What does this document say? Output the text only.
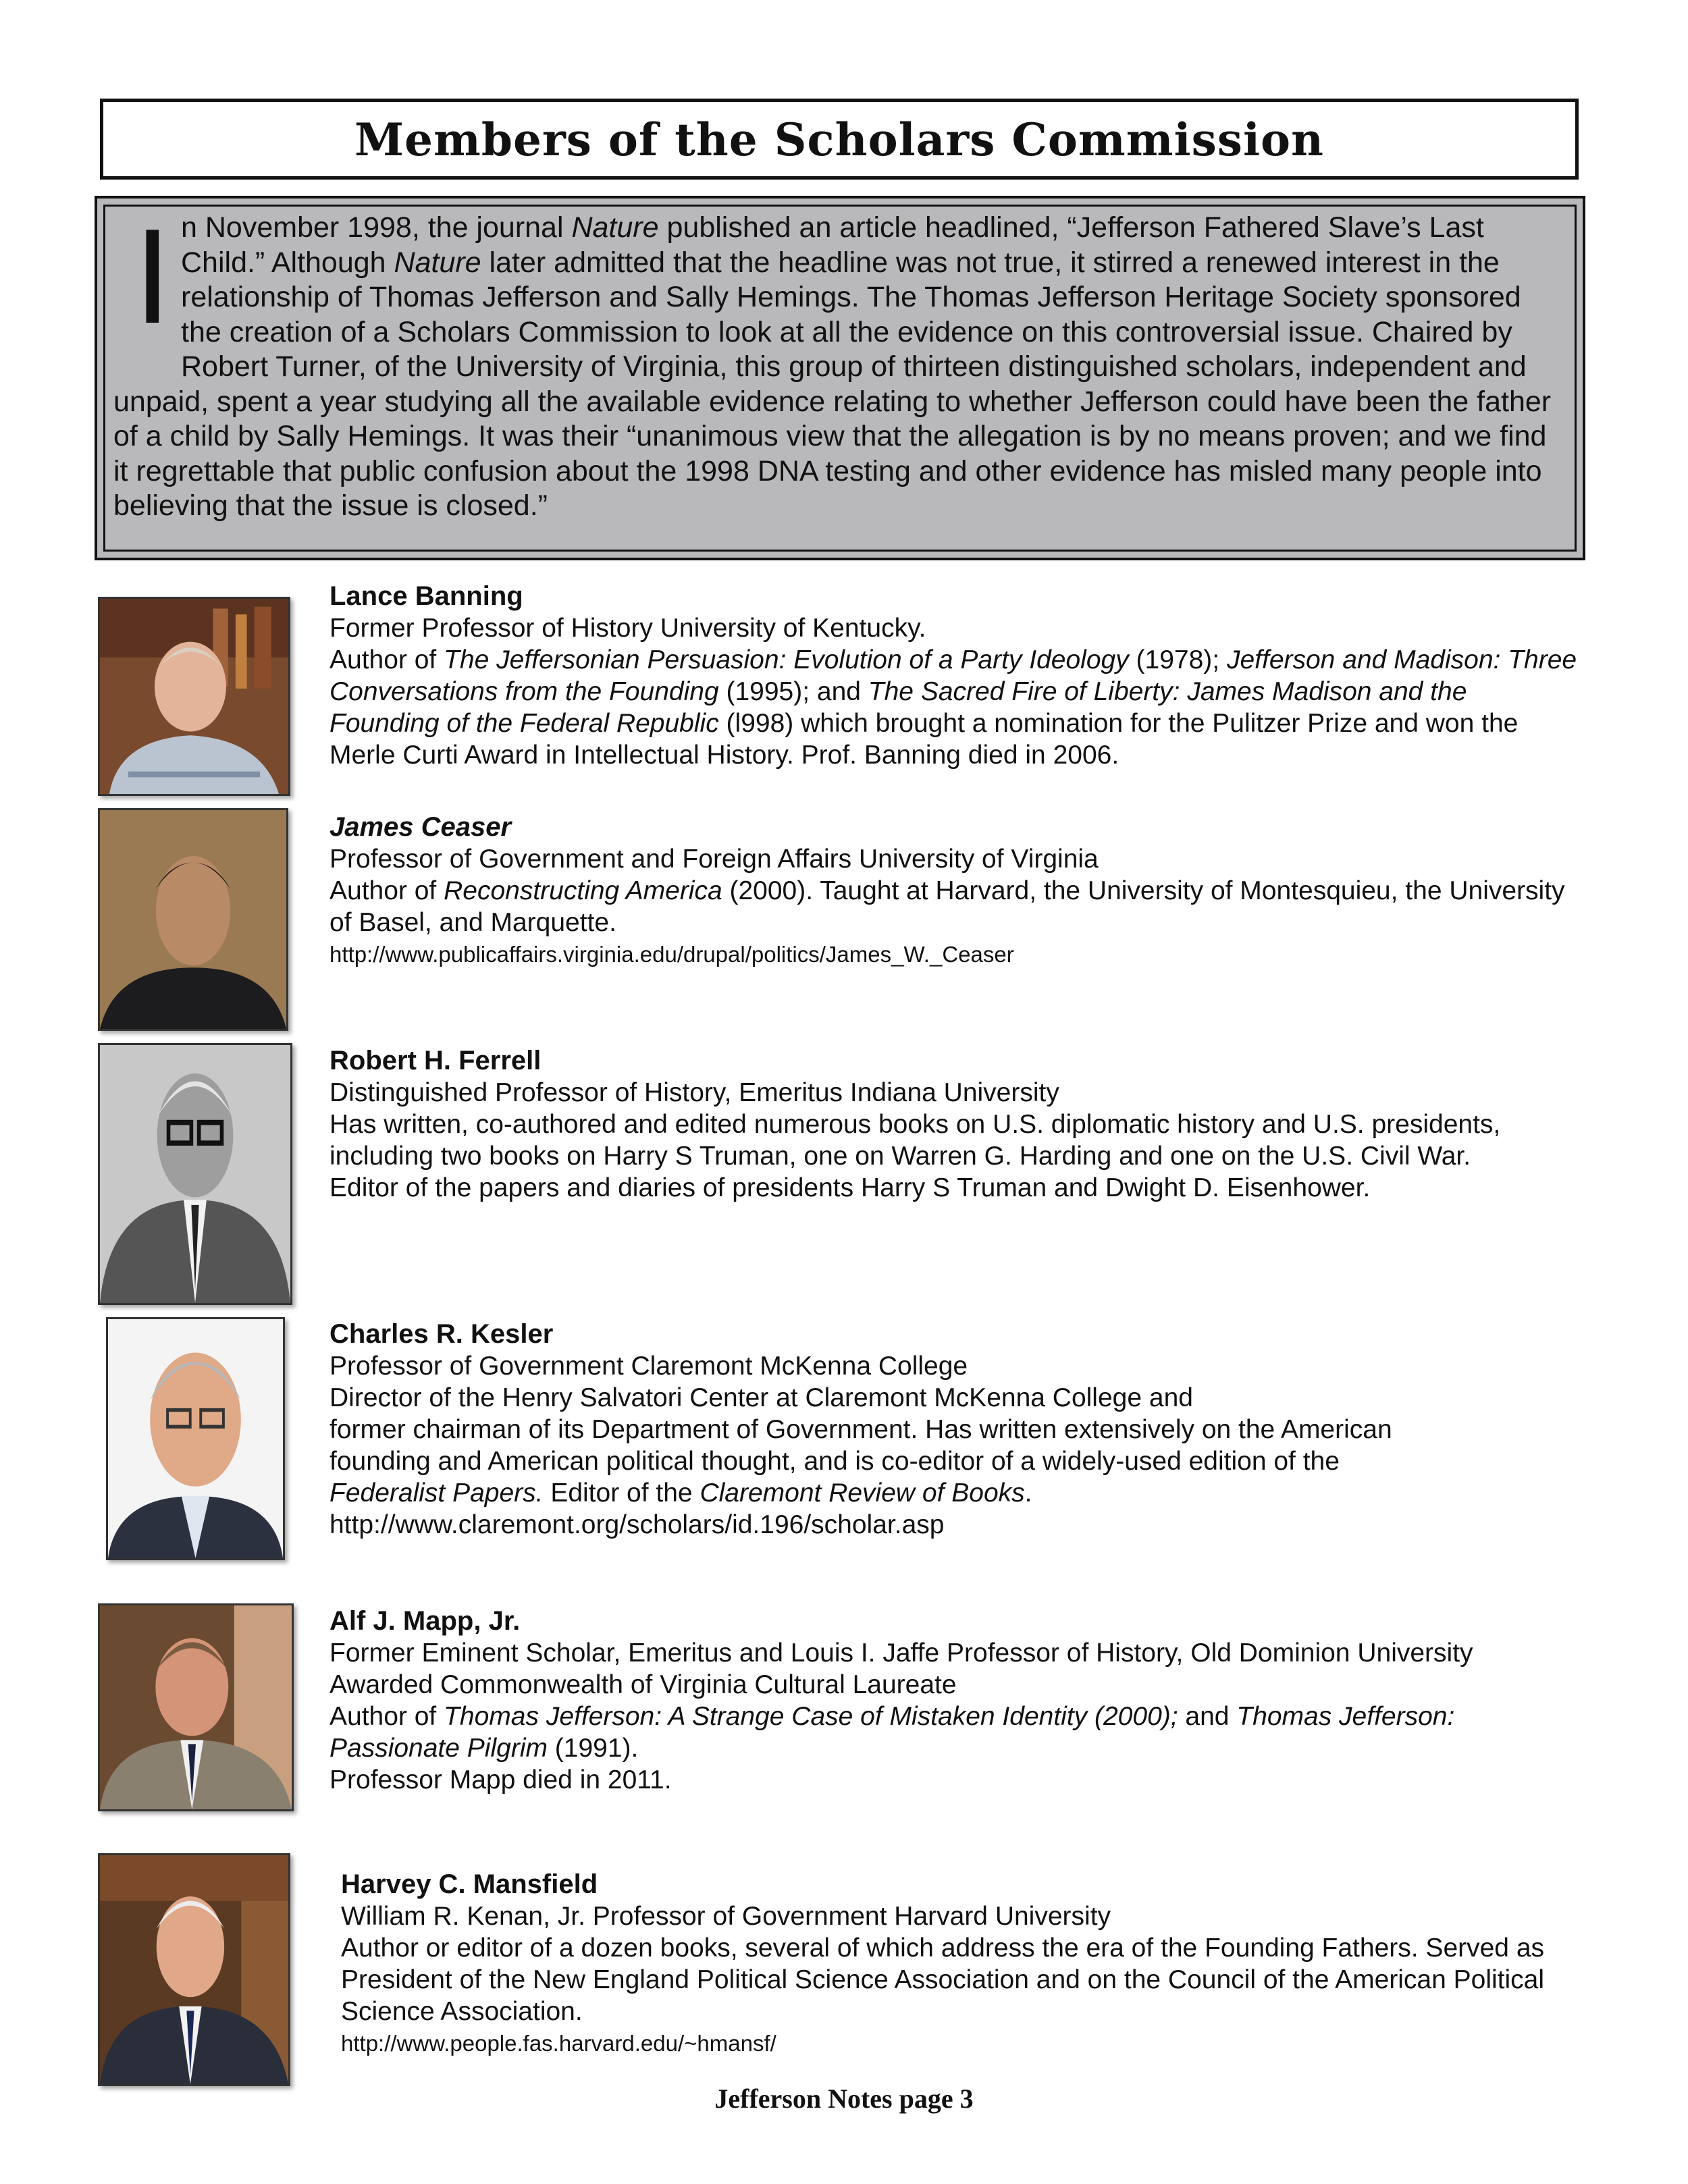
Members of the Scholars Commission
I n November 1998, the journal Nature published an article headlined, “Jefferson Fathered Slave’s Last Child.” Although Nature later admitted that the headline was not true, it stirred a renewed interest in the relationship of Thomas Jefferson and Sally Hemings. The Thomas Jefferson Heritage Society sponsored the creation of a Scholars Commission to look at all the evidence on this controversial issue. Chaired by Robert Turner, of the University of Virginia, this group of thirteen distinguished scholars, independent and unpaid, spent a year studying all the available evidence relating to whether Jefferson could have been the father of a child by Sally Hemings. It was their “unanimous view that the allegation is by no means proven; and we find it regrettable that public confusion about the 1998 DNA testing and other evidence has misled many people into believing that the issue is closed.”

Lance Banning
Former Professor of History University of Kentucky.
Author of The Jeffersonian Persuasion: Evolution of a Party Ideology (1978); Jefferson and Madison: Three Conversations from the Founding (1995); and The Sacred Fire of Liberty: James Madison and the Founding of the Federal Republic (l998) which brought a nomination for the Pulitzer Prize and won the Merle Curti Award in Intellectual History. Prof. Banning died in 2006.
James Ceaser
Professor of Government and Foreign Affairs University of Virginia
Author of Reconstructing America (2000). Taught at Harvard, the University of Montesquieu, the University of Basel, and Marquette.
http://www.publicaffairs.virginia.edu/drupal/politics/James_W._Ceaser
Robert H. Ferrell
Distinguished Professor of History, Emeritus Indiana University
Has written, co-authored and edited numerous books on U.S. diplomatic history and U.S. presidents, including two books on Harry S Truman, one on Warren G. Harding and one on the U.S. Civil War.
Editor of the papers and diaries of presidents Harry S Truman and Dwight D. Eisenhower.
Charles R. Kesler
Professor of Government Claremont McKenna College
Director of the Henry Salvatori Center at Claremont McKenna College and
former chairman of its Department of Government. Has written extensively on the American founding and American political thought, and is co-editor of a widely-used edition of the Federalist Papers. Editor of the Claremont Review of Books.
http://www.claremont.org/scholars/id.196/scholar.asp
Alf J. Mapp, Jr.
Former Eminent Scholar, Emeritus and Louis I. Jaffe Professor of History, Old Dominion University
Awarded Commonwealth of Virginia Cultural Laureate
Author of Thomas Jefferson: A Strange Case of Mistaken Identity (2000); and Thomas Jefferson: Passionate Pilgrim (1991).
Professor Mapp died in 2011.
Harvey C. Mansfield
William R. Kenan, Jr. Professor of Government Harvard University
Author or editor of a dozen books, several of which address the era of the Founding Fathers. Served as President of the New England Political Science Association and on the Council of the American Political Science Association.
http://www.people.fas.harvard.edu/~hmansf/
Jefferson Notes page 3
